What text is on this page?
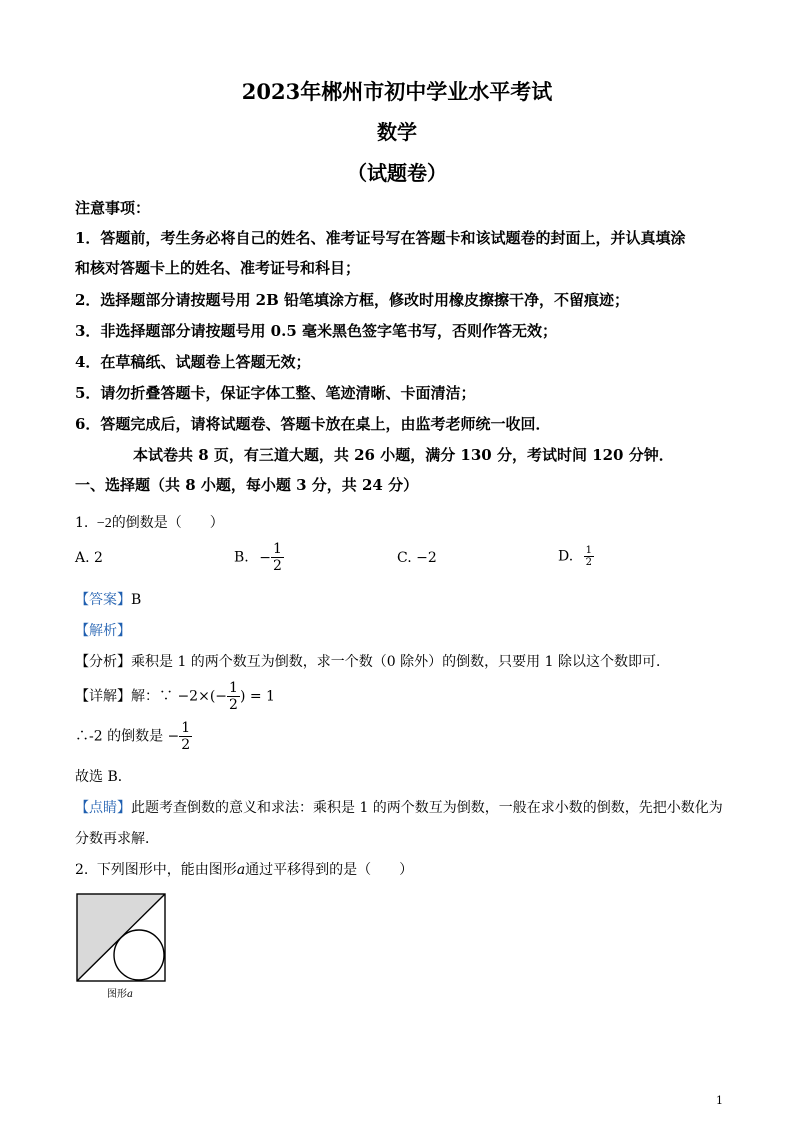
2023年郴州市初中学业水平考试
数学
（试题卷）
注意事项：
1．答题前，考生务必将自己的姓名、准考证号写在答题卡和该试题卷的封面上，并认真填涂
和核对答题卡上的姓名、准考证号和科目；
2．选择题部分请按题号用 2B 铅笔填涂方框，修改时用橡皮擦擦干净，不留痕迹；
3．非选择题部分请按题号用 0.5 毫米黑色签字笔书写，否则作答无效；
4．在草稿纸、试题卷上答题无效；
5．请勿折叠答题卡，保证字体工整、笔迹清晰、卡面清洁；
6．答题完成后，请将试题卷、答题卡放在桌上，由监考老师统一收回．
本试卷共 8 页，有三道大题，共 26 小题，满分 130 分，考试时间 120 分钟．
一、选择题（共 8 小题，每小题 3 分，共 24 分）
1. −2的倒数是（　　）
A. 2	B. − $\frac{1}{2}$	C. −2	D. $\frac{1}{2}$
【答案】B
【解析】
【分析】乘积是 1 的两个数互为倒数，求一个数（0 除外）的倒数，只要用 1 除以这个数即可．
【详解】解：∵ $-2\times(- \frac{1}{2}$ ) = 1
∴-2 的倒数是 − $\frac{1}{2}$
故选 B．
【点睛】此题考查倒数的意义和求法：乘积是 1 的两个数互为倒数，一般在求小数的倒数，先把小数化为
分数再求解．
2. 下列图形中，能由图形a通过平移得到的是（　　）
图形a
1
